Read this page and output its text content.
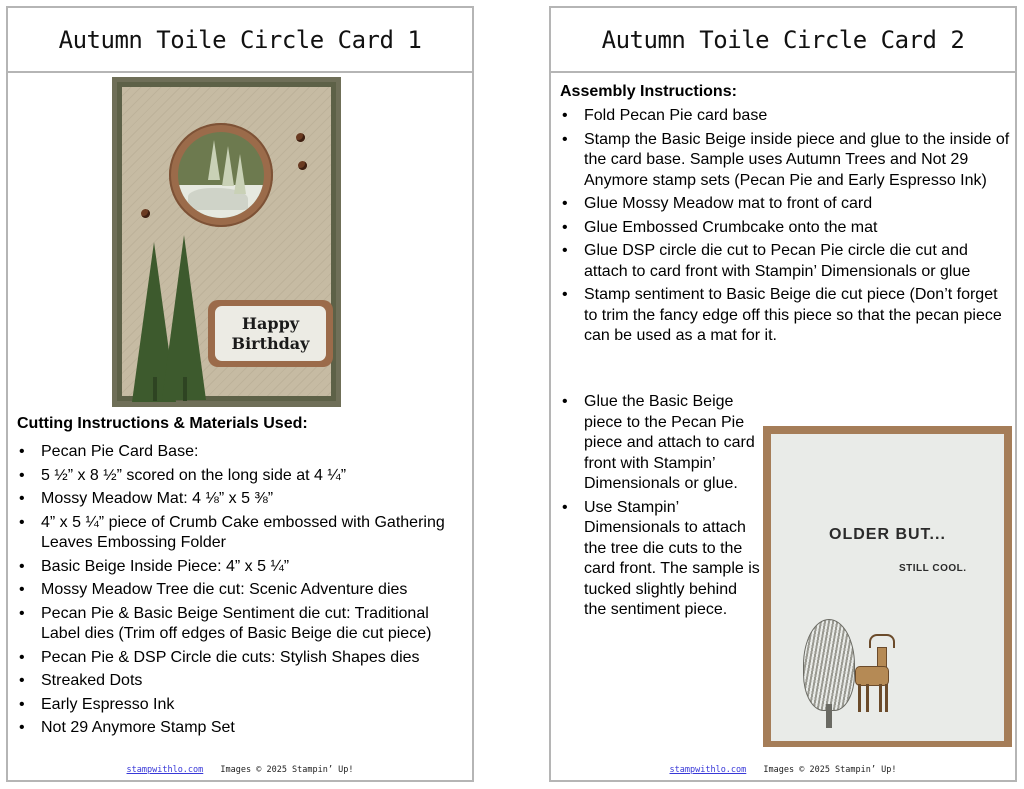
Autumn Toile Circle Card 1
Happy
Birthday
Cutting Instructions & Materials Used:
• Pecan Pie Card Base:
• 5 ½” x 8 ½” scored on the long side at 4 ¼”
• Mossy Meadow Mat: 4 ⅛” x 5 ⅜”
• 4” x 5 ¼” piece of Crumb Cake embossed with Gathering Leaves Embossing Folder
• Basic Beige Inside Piece: 4” x 5 ¼”
• Mossy Meadow Tree die cut: Scenic Adventure dies
• Pecan Pie & Basic Beige Sentiment die cut: Traditional Label dies (Trim off edges of Basic Beige die cut piece)
• Pecan Pie & DSP Circle die cuts: Stylish Shapes dies
• Streaked Dots
• Early Espresso Ink
• Not 29 Anymore Stamp Set
stampwithlo.com Images © 2025 Stampin’ Up!
Autumn Toile Circle Card 2
Assembly Instructions:
• Fold Pecan Pie card base
• Stamp the Basic Beige inside piece and glue to the inside of the card base. Sample uses Autumn Trees and Not 29 Anymore stamp sets (Pecan Pie and Early Espresso Ink)
• Glue Mossy Meadow mat to front of card
• Glue Embossed Crumbcake onto the mat
• Glue DSP circle die cut to Pecan Pie circle die cut and attach to card front with Stampin’ Dimensionals or glue
• Stamp sentiment to Basic Beige die cut piece (Don’t forget to trim the fancy edge off this piece so that the pecan piece can be used as a mat for it.
• Glue the Basic Beige piece to the Pecan Pie piece and attach to card front with Stampin’ Dimensionals or glue.
• Use Stampin’ Dimensionals to attach the tree die cuts to the card front. The sample is tucked slightly behind the sentiment piece.
OLDER BUT...
STILL COOL.
stampwithlo.com Images © 2025 Stampin’ Up!
